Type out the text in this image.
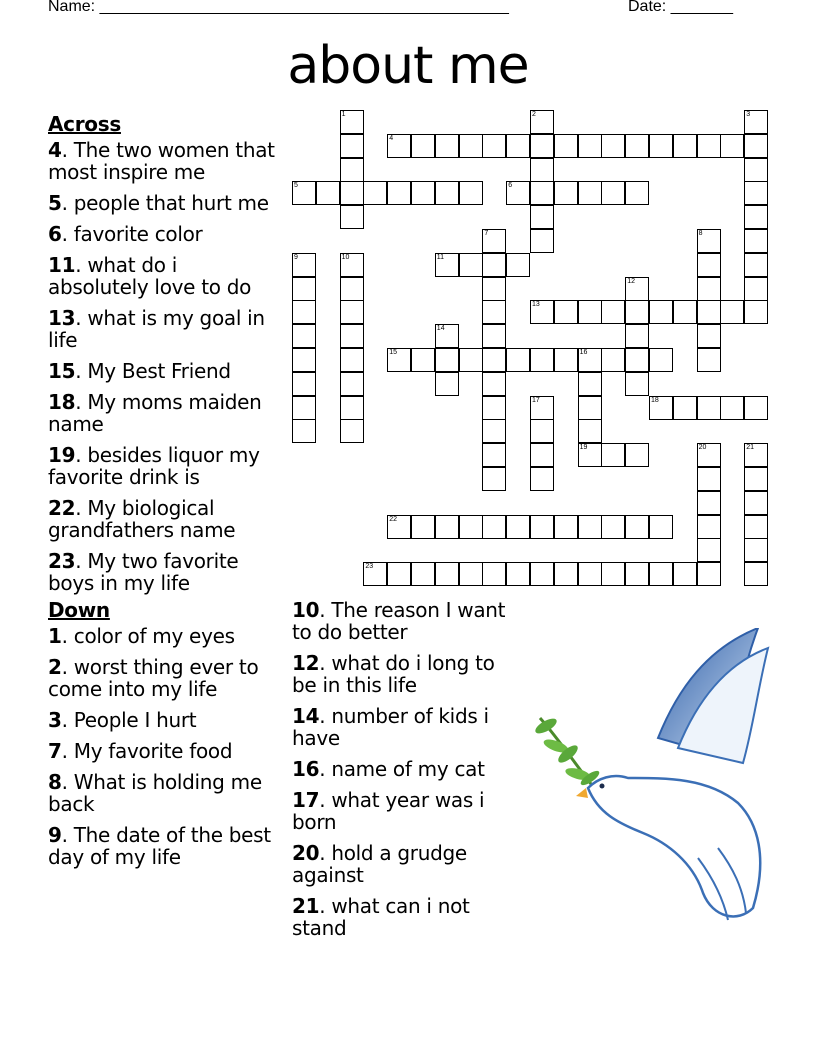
Name: ______________________________________________	Date: _______
about me
1	2	3
4
5	6
7	8
9	10	11
12
13
14
15	16
19
17	18
20	21
22
23
Across
4. The two women that most inspire me
5. people that hurt me
6. favorite color
11. what do i absolutely love to do
13. what is my goal in life
15. My Best Friend
18. My moms maiden name
19. besides liquor my favorite drink is
22. My biological grandfathers name
23. My two favorite boys in my life
Down
1. color of my eyes
2. worst thing ever to come into my life
3. People I hurt
7. My favorite food
8. What is holding me back
9. The date of the best day of my life
10. The reason I want to do better
12. what do i long to be in this life
14. number of kids i have
16. name of my cat
17. what year was i born
20. hold a grudge against
21. what can i not stand
